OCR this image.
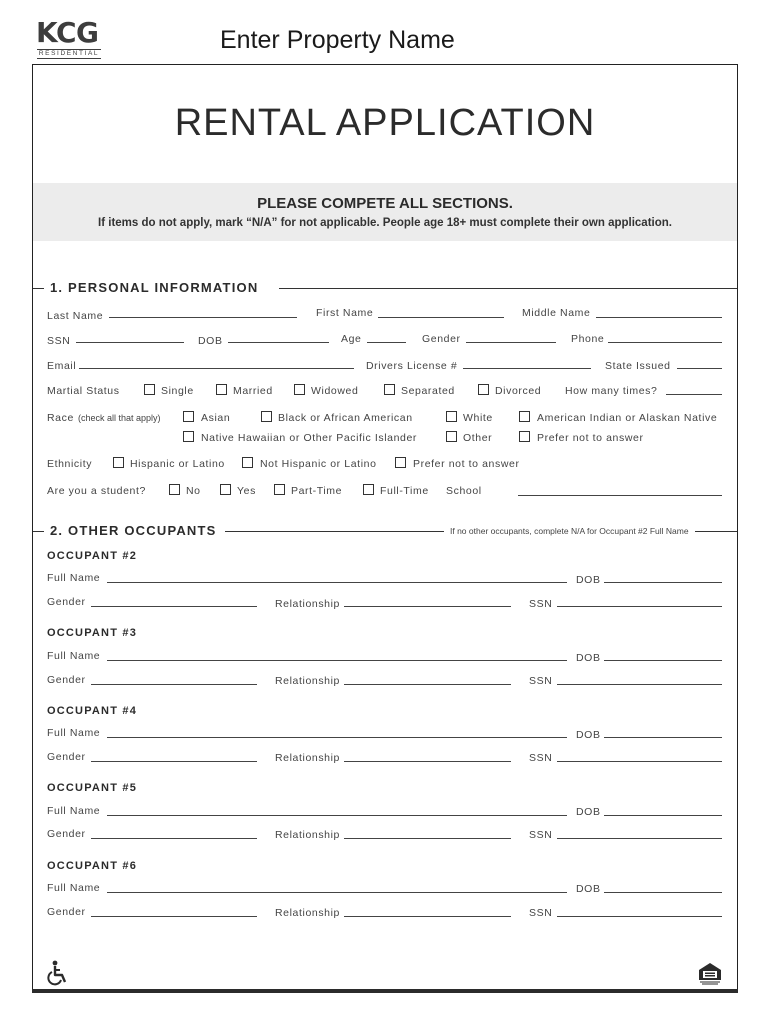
KCG
RESIDENTIAL	Enter Property Name
RENTAL APPLICATION
PLEASE COMPETE ALL SECTIONS.
If items do not apply, mark “N/A” for not applicable. People age 18+ must complete their own application.
1. PERSONAL INFORMATION
Last Name	First Name	Middle Name
SSN	DOB	Age	Gender	Phone
Email	Drivers License #	State Issued
Martial Status	Single	Married	Widowed	Separated	Divorced How many times?
Race (check all that apply)	Asian	Black or African American	White	American Indian or Alaskan Native
Native Hawaiian or Other Pacific Islander	Other	Prefer not to answer
Ethnicity	Hispanic or Latino	Not Hispanic or Latino	Prefer not to answer
Are you a student?	No	Yes	Part-Time	Full-Time School
2. OTHER OCCUPANTS	If no other occupants, complete N/A for Occupant #2 Full Name
OCCUPANT #2
Full Name	DOB
Gender	Relationship	SSN
OCCUPANT #3
Full Name	DOB
Gender	Relationship	SSN
OCCUPANT #4
Full Name	DOB
Gender	Relationship	SSN
OCCUPANT #5
Full Name	DOB
Gender	Relationship	SSN
OCCUPANT #6
Full Name	DOB
Gender	Relationship	SSN
